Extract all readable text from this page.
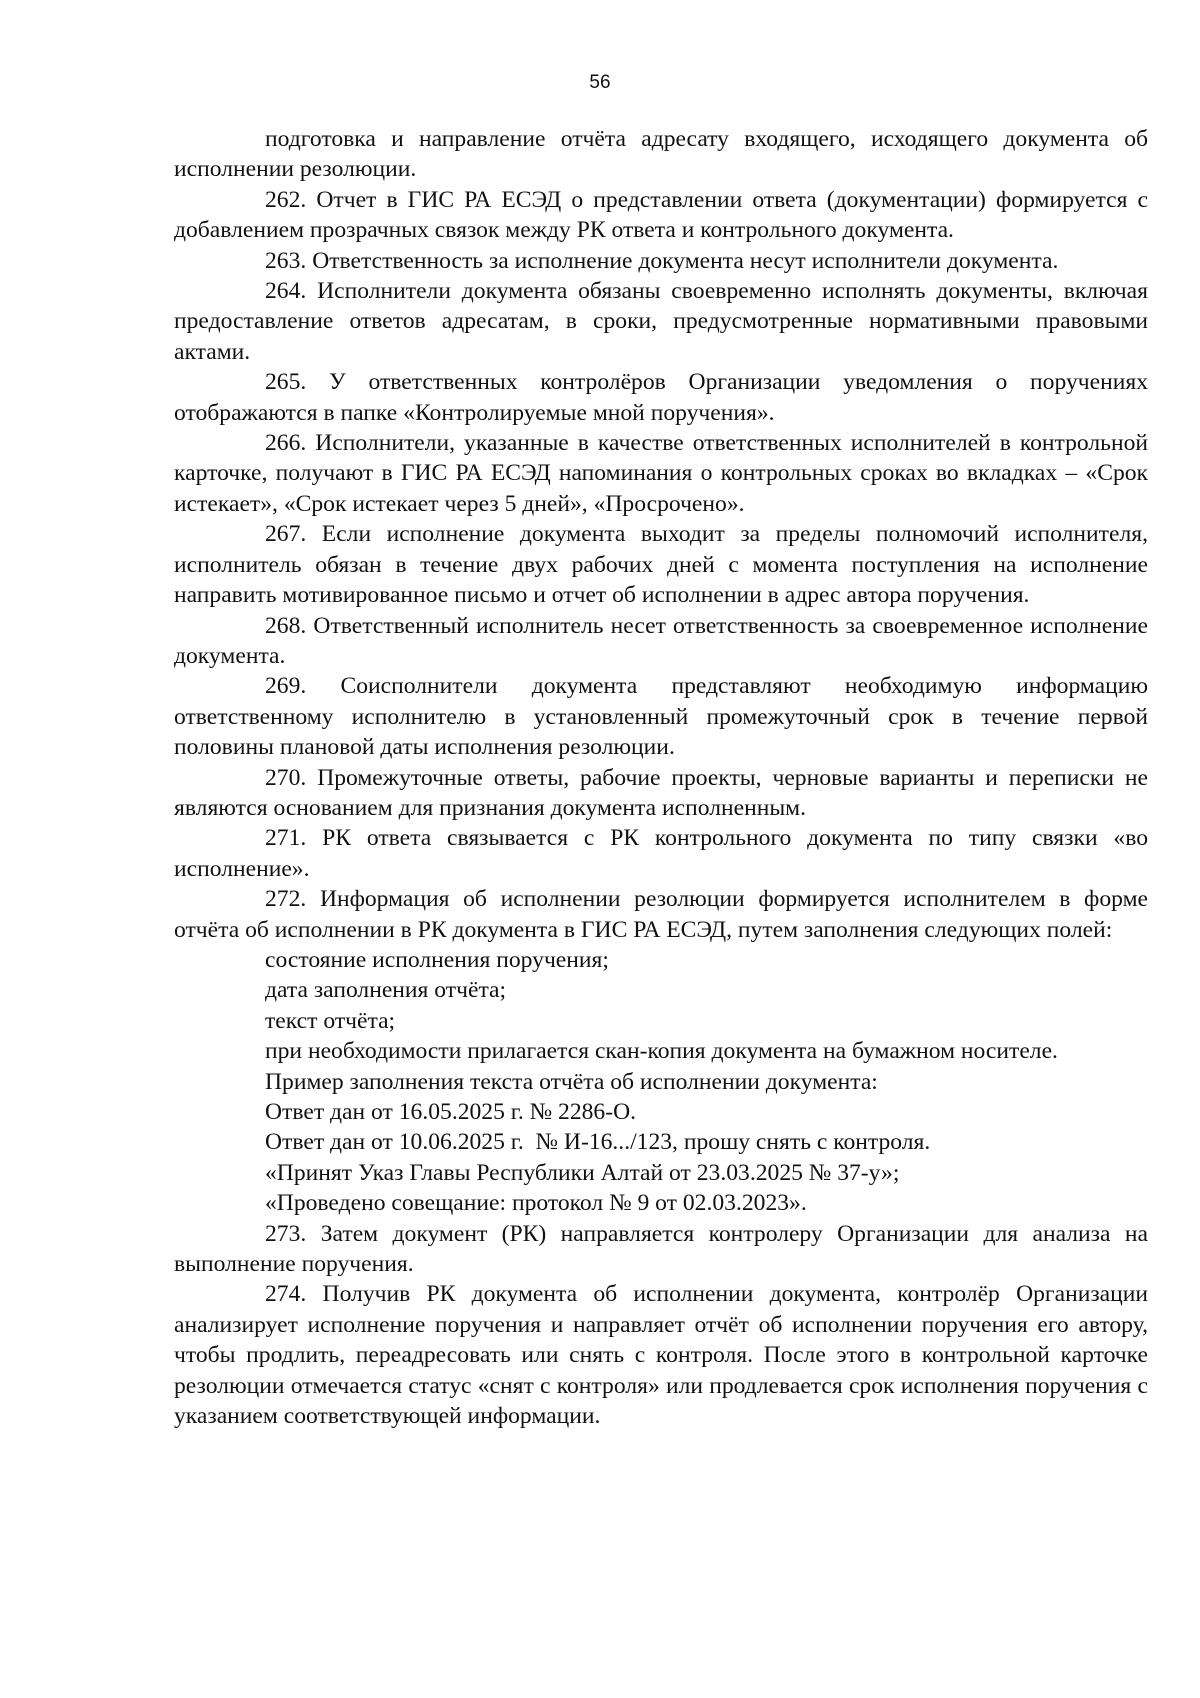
56

подготовка и направление отчёта адресату входящего, исходящего документа об исполнении резолюции.

262. Отчет в ГИС РА ЕСЭД о представлении ответа (документации) формируется с добавлением прозрачных связок между РК ответа и контрольного документа.

263. Ответственность за исполнение документа несут исполнители документа.

264. Исполнители документа обязаны своевременно исполнять документы, включая предоставление ответов адресатам, в сроки, предусмотренные нормативными правовыми актами.

265. У ответственных контролёров Организации уведомления о поручениях отображаются в папке «Контролируемые мной поручения».

266. Исполнители, указанные в качестве ответственных исполнителей в контрольной карточке, получают в ГИС РА ЕСЭД напоминания о контрольных сроках во вкладках – «Срок истекает», «Срок истекает через 5 дней», «Просрочено».

267. Если исполнение документа выходит за пределы полномочий исполнителя, исполнитель обязан в течение двух рабочих дней с момента поступления на исполнение направить мотивированное письмо и отчет об исполнении в адрес автора поручения.

268. Ответственный исполнитель несет ответственность за своевременное исполнение документа.

269. Соисполнители документа представляют необходимую информацию ответственному исполнителю в установленный промежуточный срок в течение первой половины плановой даты исполнения резолюции.

270. Промежуточные ответы, рабочие проекты, черновые варианты и переписки не являются основанием для признания документа исполненным.

271. РК ответа связывается с РК контрольного документа по типу связки «во исполнение».

272. Информация об исполнении резолюции формируется исполнителем в форме отчёта об исполнении в РК документа в ГИС РА ЕСЭД, путем заполнения следующих полей:

состояние исполнения поручения;

дата заполнения отчёта;

текст отчёта;

при необходимости прилагается скан-копия документа на бумажном носителе.

Пример заполнения текста отчёта об исполнении документа:

Ответ дан от 16.05.2025 г. № 2286-О.

Ответ дан от 10.06.2025 г.  № И-16.../123, прошу снять с контроля.

«Принят Указ Главы Республики Алтай от 23.03.2025 № 37-у»;

«Проведено совещание: протокол № 9 от 02.03.2023».

273. Затем документ (РК) направляется контролеру Организации для анализа на выполнение поручения.

274. Получив РК документа об исполнении документа, контролёр Организации анализирует исполнение поручения и направляет отчёт об исполнении поручения его автору, чтобы продлить, переадресовать или снять с контроля. После этого в контрольной карточке резолюции отмечается статус «снят с контроля» или продлевается срок исполнения поручения с указанием соответствующей информации.
